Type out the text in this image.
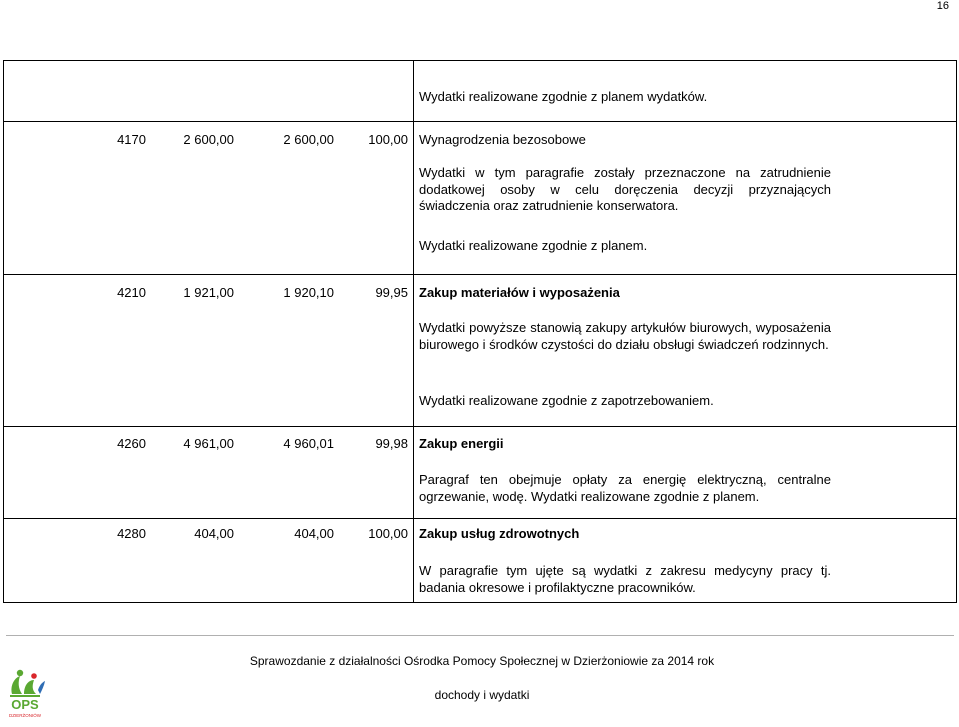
16
Wydatki realizowane zgodnie z planem wydatków.
4170	2 600,00	2 600,00	100,00 Wynagrodzenia bezosobowe
Wydatki w tym paragrafie zostały przeznaczone na zatrudnienie dodatkowej osoby w celu doręczenia decyzji przyznających świadczenia oraz zatrudnienie konserwatora.
Wydatki realizowane zgodnie z planem.
4210	1 921,00	1 920,10	99,95 Zakup materiałów i wyposażenia
Wydatki powyższe stanowią zakupy artykułów biurowych, wyposażenia biurowego i środków czystości do działu obsługi świadczeń rodzinnych.
Wydatki realizowane zgodnie z zapotrzebowaniem.
4260	4 961,00	4 960,01	99,98 Zakup energii
Paragraf ten obejmuje opłaty za energię elektryczną, centralne ogrzewanie, wodę. Wydatki realizowane zgodnie z planem.
4280	404,00	404,00	100,00 Zakup usług zdrowotnych
W paragrafie tym ujęte są wydatki z zakresu medycyny pracy tj. badania okresowe i profilaktyczne pracowników.
Sprawozdanie z działalności Ośrodka Pomocy Społecznej w Dzierżoniowie za 2014 rok
dochody i wydatki
OPS
DZIERŻONIÓW
